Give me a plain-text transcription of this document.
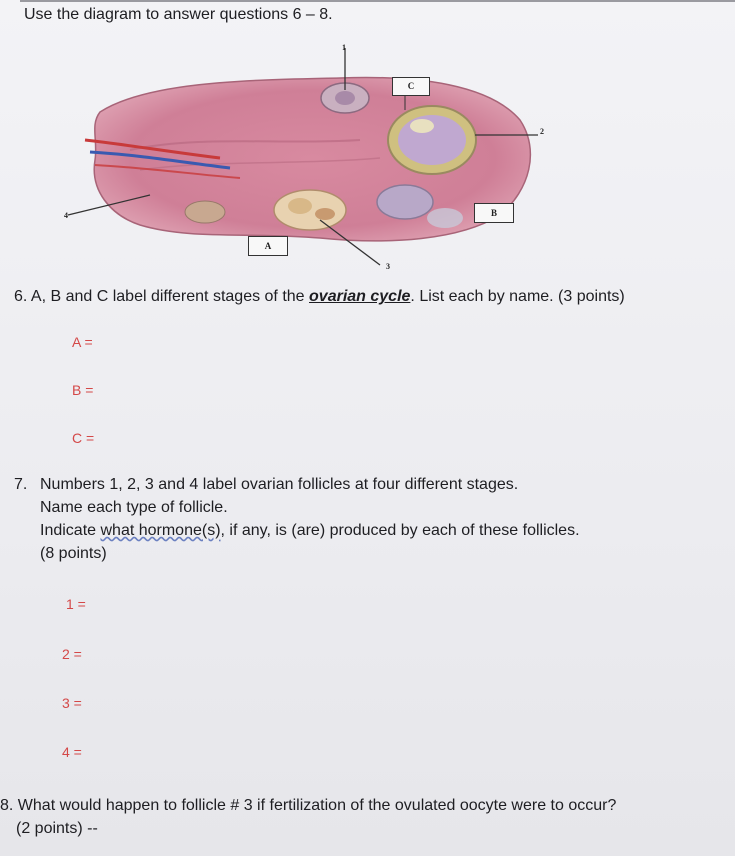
Use the diagram to answer questions 6 – 8.
C
B
A
1
2
3
4
6. A, B and C label different stages of the ovarian cycle. List each by name. (3 points)
A =
B =
C =
7. Numbers 1, 2, 3 and 4 label ovarian follicles at four different stages.
Name each type of follicle.
Indicate what hormone(s), if any, is (are) produced by each of these follicles.
(8 points)
1 =
2 =
3 =
4 =
8. What would happen to follicle # 3 if fertilization of the ovulated oocyte were to occur?
(2 points) --
